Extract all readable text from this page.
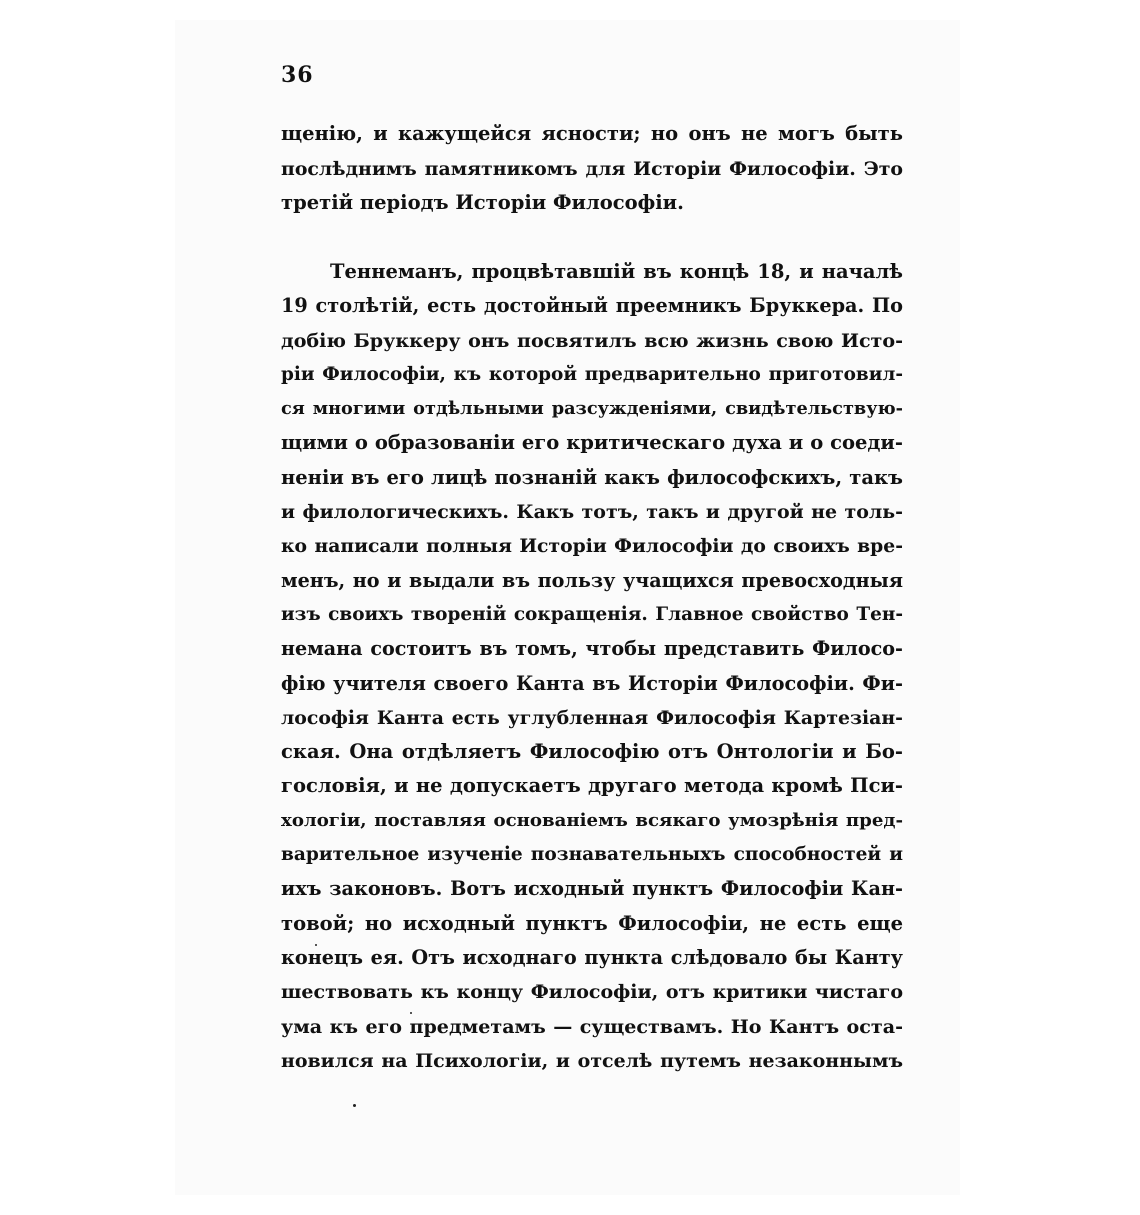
36
щенію, и кажущейся ясности; но онъ не могъ быть
послѣднимъ памятникомъ для Исторіи Философіи. Это
третій періодъ Исторіи Философіи.
Теннеманъ, процвѣтавшій въ концѣ 18, и началѣ
19 столѣтій, есть достойный преемникъ Бруккера. По
добію Бруккеру онъ посвятилъ всю жизнь свою Исто-
ріи Философіи, къ которой предварительно приготовил-
ся многими отдѣльными разсужденіями, свидѣтельствую-
щими о образованіи его критическаго духа и о соеди-
неніи въ его лицѣ познаній какъ философскихъ, такъ
и филологическихъ. Какъ тотъ, такъ и другой не толь-
ко написали полныя Исторіи Философіи до своихъ вре-
менъ, но и выдали въ пользу учащихся превосходныя
изъ своихъ твореній сокращенія. Главное свойство Тен-
немана состоитъ въ томъ, чтобы представить Филосо-
фію учителя своего Канта въ Исторіи Философіи. Фи-
лософія Канта есть углубленная Философія Картезіан-
ская. Она отдѣляетъ Философію отъ Онтологіи и Бо-
гословія, и не допускаетъ другаго метода кромѣ Пси-
хологіи, поставляя основаніемъ всякаго умозрѣнія пред-
варительное изученіе познавательныхъ способностей и
ихъ законовъ. Вотъ исходный пунктъ Философіи Кан-
товой; но исходный пунктъ Философіи, не есть еще
конецъ ея. Отъ исходнаго пункта слѣдовало бы Канту
шествовать къ концу Философіи, отъ критики чистаго
ума къ его предметамъ — существамъ. Но Кантъ оста-
новился на Психологіи, и отселѣ путемъ незаконнымъ
